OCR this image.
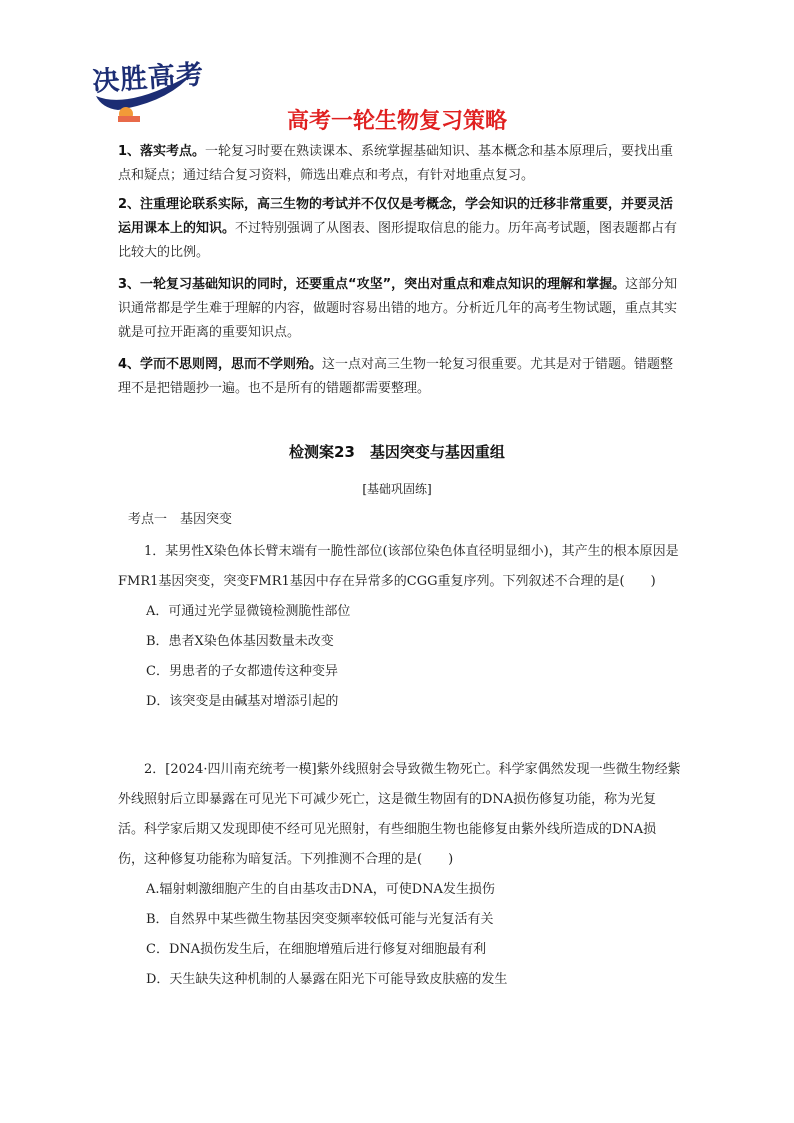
决胜高考
高考一轮生物复习策略

1、落实考点。一轮复习时要在熟读课本、系统掌握基础知识、基本概念和基本原理后，要找出重点和疑点；通过结合复习资料，筛选出难点和考点，有针对地重点复习。

2、注重理论联系实际，高三生物的考试并不仅仅是考概念，学会知识的迁移非常重要，并要灵活运用课本上的知识。不过特别强调了从图表、图形提取信息的能力。历年高考试题，图表题都占有比较大的比例。

3、一轮复习基础知识的同时，还要重点“攻坚”，突出对重点和难点知识的理解和掌握。这部分知识通常都是学生难于理解的内容，做题时容易出错的地方。分析近几年的高考生物试题，重点其实就是可拉开距离的重要知识点。

4、学而不思则罔，思而不学则殆。这一点对高三生物一轮复习很重要。尤其是对于错题。错题整理不是把错题抄一遍。也不是所有的错题都需要整理。

检测案23　基因突变与基因重组
[基础巩固练]

考点一　基因突变

1．某男性X染色体长臂末端有一脆性部位(该部位染色体直径明显细小)，其产生的根本原因是FMR1基因突变，突变FMR1基因中存在异常多的CGG重复序列。下列叙述不合理的是(　　)

A．可通过光学显微镜检测脆性部位

B．患者X染色体基因数量未改变

C．男患者的子女都遗传这种变异

D．该突变是由碱基对增添引起的

2．[2024·四川南充统考一模]紫外线照射会导致微生物死亡。科学家偶然发现一些微生物经紫外线照射后立即暴露在可见光下可减少死亡，这是微生物固有的DNA损伤修复功能，称为光复活。科学家后期又发现即使不经可见光照射，有些细胞生物也能修复由紫外线所造成的DNA损伤，这种修复功能称为暗复活。下列推测不合理的是(　　)

A.辐射刺激细胞产生的自由基攻击DNA，可使DNA发生损伤

B．自然界中某些微生物基因突变频率较低可能与光复活有关

C．DNA损伤发生后，在细胞增殖后进行修复对细胞最有利

D．天生缺失这种机制的人暴露在阳光下可能导致皮肤癌的发生
